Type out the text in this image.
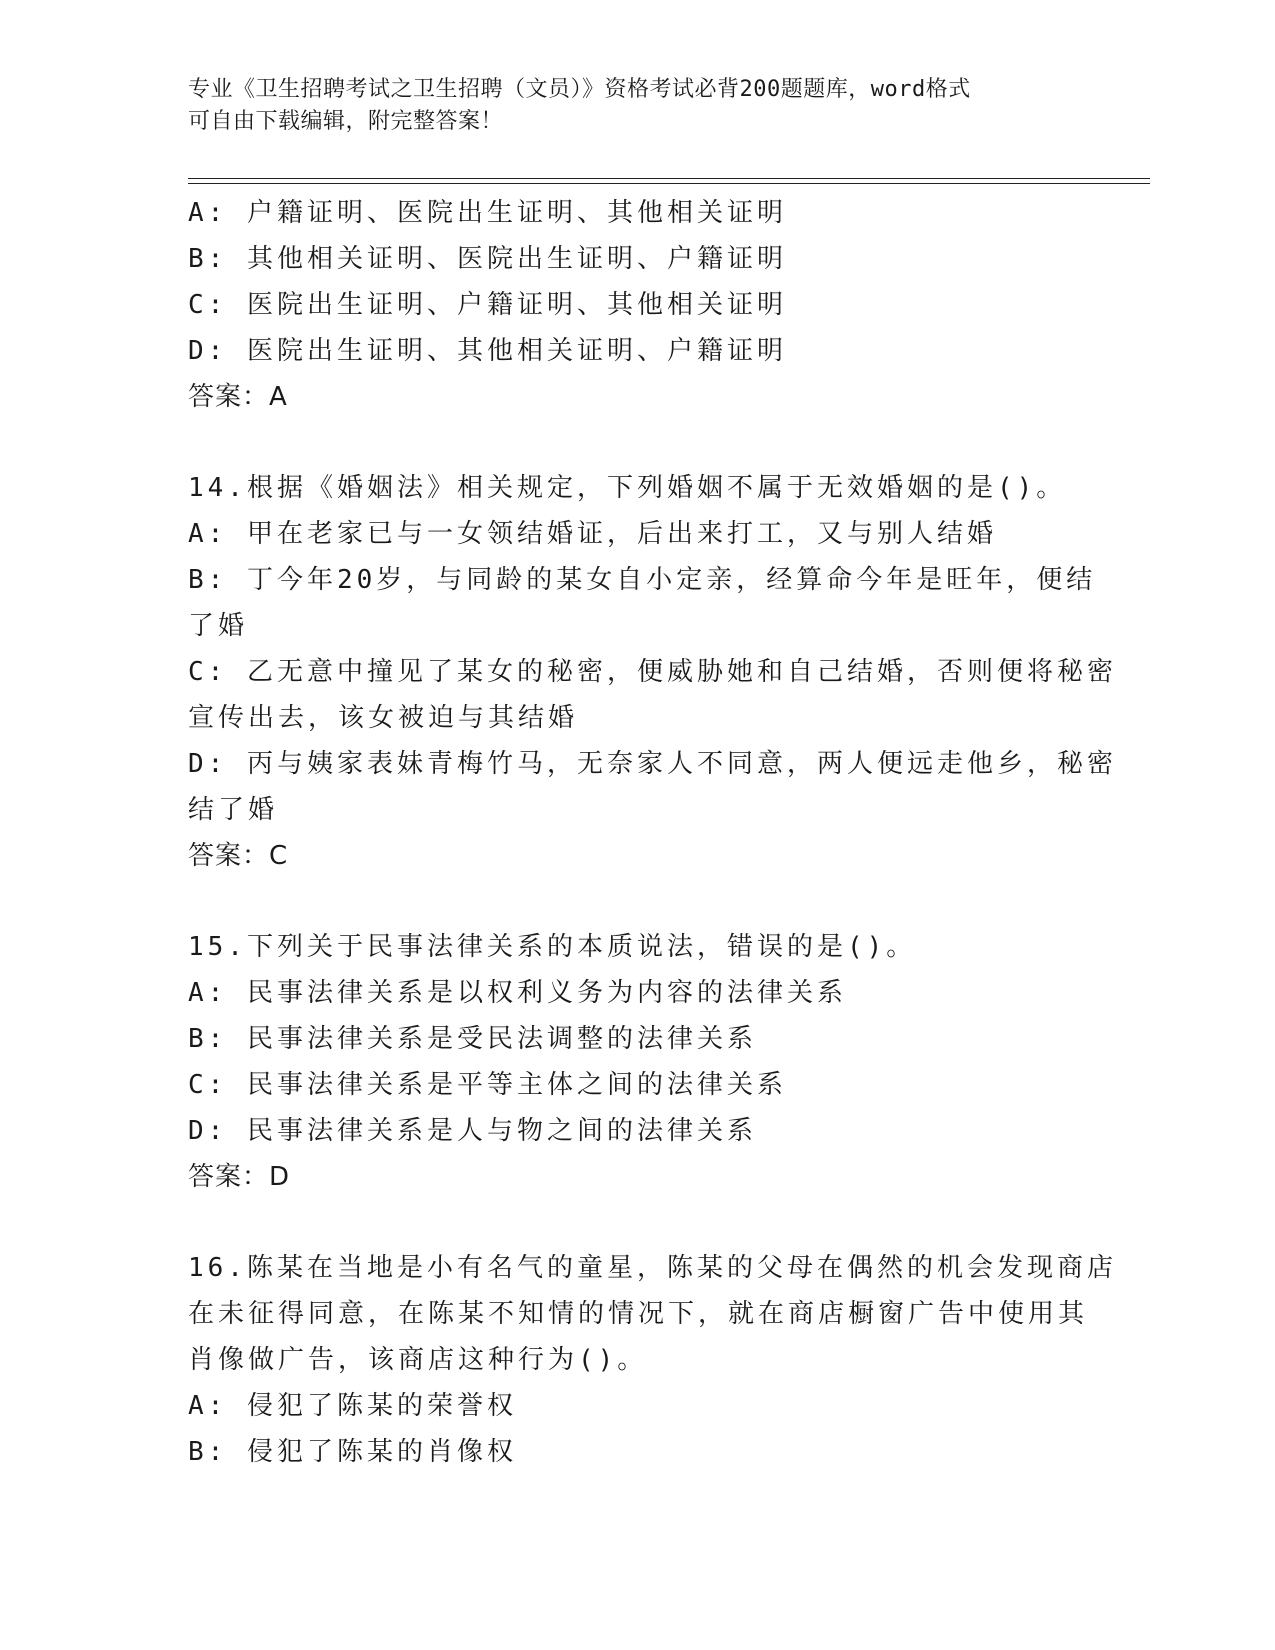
专业《卫生招聘考试之卫生招聘（文员）》资格考试必背200题题库，word格式
可自由下载编辑，附完整答案！
A: 户籍证明、医院出生证明、其他相关证明
B: 其他相关证明、医院出生证明、户籍证明
C: 医院出生证明、户籍证明、其他相关证明
D: 医院出生证明、其他相关证明、户籍证明
答案：A
14.根据《婚姻法》相关规定，下列婚姻不属于无效婚姻的是()。
A: 甲在老家已与一女领结婚证，后出来打工，又与别人结婚
B: 丁今年20岁，与同龄的某女自小定亲，经算命今年是旺年，便结
了婚
C: 乙无意中撞见了某女的秘密，便威胁她和自己结婚，否则便将秘密
宣传出去，该女被迫与其结婚
D: 丙与姨家表妹青梅竹马，无奈家人不同意，两人便远走他乡，秘密
结了婚
答案：C
15.下列关于民事法律关系的本质说法，错误的是()。
A: 民事法律关系是以权利义务为内容的法律关系
B: 民事法律关系是受民法调整的法律关系
C: 民事法律关系是平等主体之间的法律关系
D: 民事法律关系是人与物之间的法律关系
答案：D
16.陈某在当地是小有名气的童星，陈某的父母在偶然的机会发现商店
在未征得同意，在陈某不知情的情况下，就在商店橱窗广告中使用其
肖像做广告，该商店这种行为()。
A: 侵犯了陈某的荣誉权
B: 侵犯了陈某的肖像权
